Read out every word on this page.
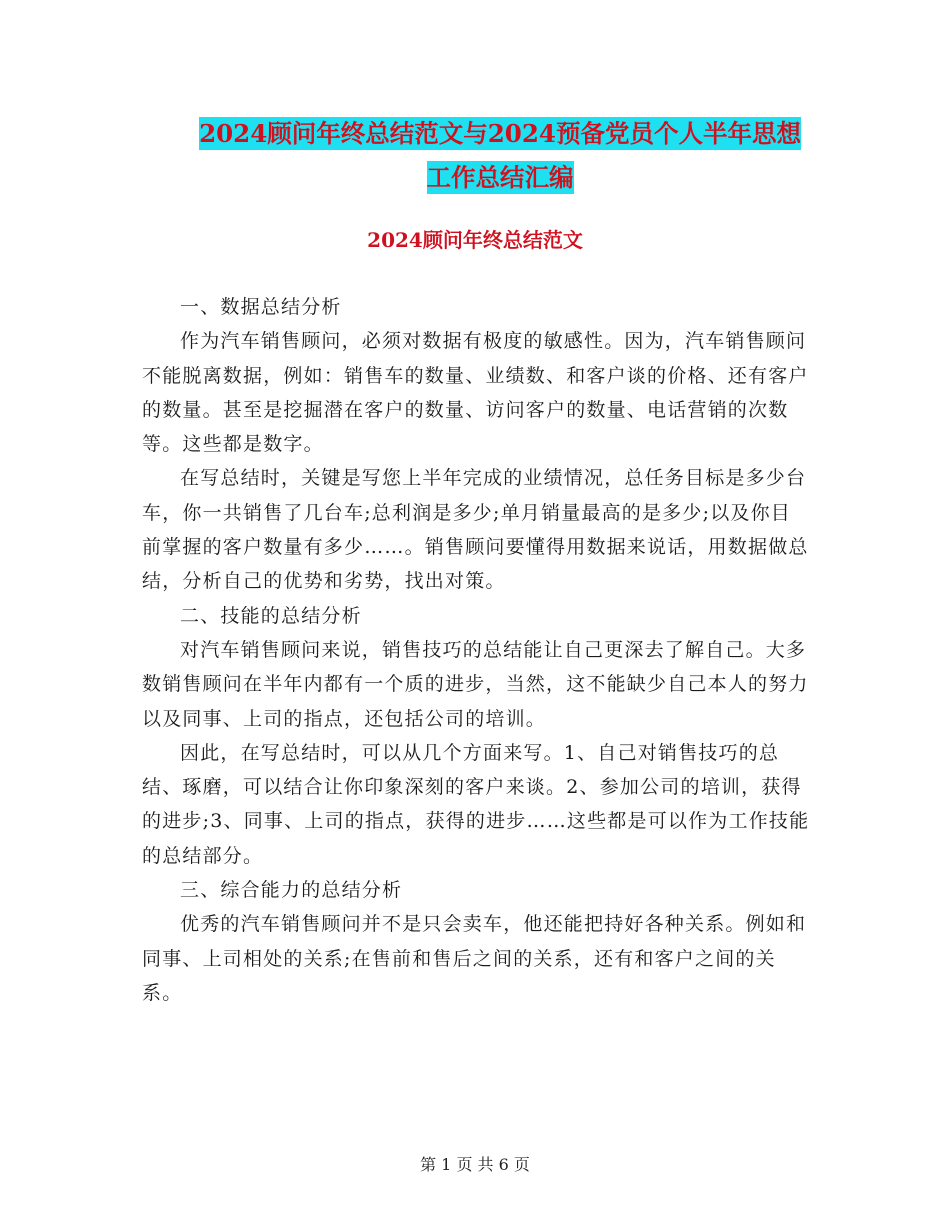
2024顾问年终总结范文与2024预备党员个人半年思想
工作总结汇编
2024顾问年终总结范文

一、数据总结分析

作为汽车销售顾问，必须对数据有极度的敏感性。因为，汽车销售顾问不能脱离数据，例如：销售车的数量、业绩数、和客户谈的价格、还有客户的数量。甚至是挖掘潜在客户的数量、访问客户的数量、电话营销的次数等。这些都是数字。

在写总结时，关键是写您上半年完成的业绩情况，总任务目标是多少台车，你一共销售了几台车;总利润是多少;单月销量最高的是多少;以及你目前掌握的客户数量有多少……。销售顾问要懂得用数据来说话，用数据做总结，分析自己的优势和劣势，找出对策。

二、技能的总结分析

对汽车销售顾问来说，销售技巧的总结能让自己更深去了解自己。大多数销售顾问在半年内都有一个质的进步，当然，这不能缺少自己本人的努力以及同事、上司的指点，还包括公司的培训。

因此，在写总结时，可以从几个方面来写。1、自己对销售技巧的总结、琢磨，可以结合让你印象深刻的客户来谈。2、参加公司的培训，获得的进步;3、同事、上司的指点，获得的进步……这些都是可以作为工作技能的总结部分。

三、综合能力的总结分析

优秀的汽车销售顾问并不是只会卖车，他还能把持好各种关系。例如和同事、上司相处的关系;在售前和售后之间的关系，还有和客户之间的关系。

第 1 页 共 6 页
